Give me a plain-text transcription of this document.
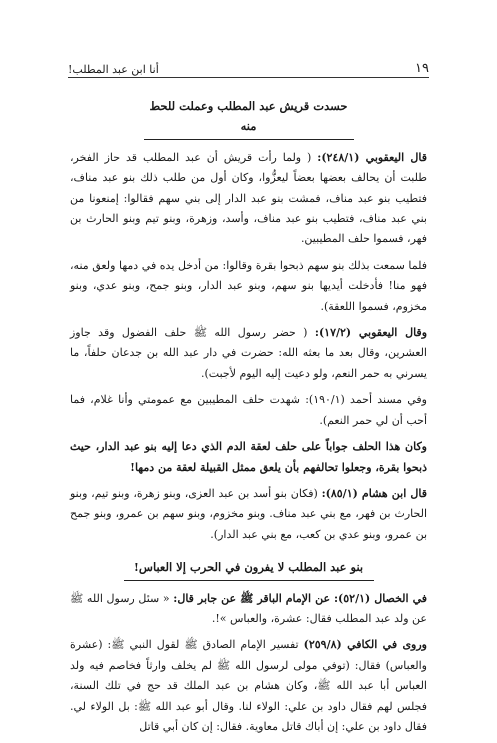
١٩
أنا ابن عبد المطلب!
حسدت قريش عبد المطلب وعملت للحط منه

قال اليعقوبي (٢٤٨/١): ( ولما رأت قريش أن عبد المطلب قد حاز الفخر، طلبت أن يحالف بعضها بعضاً ليعزُّوا، وكان أول من طلب ذلك بنو عبد مناف، فتطيب بنو عبد مناف، فمشت بنو عبد الدار إلى بني سهم فقالوا: إمنعونا من بني عبد مناف، فتطيب بنو عبد مناف، وأسد، وزهرة، وبنو تيم وبنو الحارث بن فهر، فسموا حلف المطيبين.

فلما سمعت بذلك بنو سهم ذبحوا بقرة وقالوا: من أدخل يده في دمها ولعق منه، فهو منا! فأدخلت أيديها بنو سهم، وبنو عبد الدار، وبنو جمح، وبنو عدي، وبنو مخزوم، فسموا اللعقة).

وقال اليعقوبي (١٧/٢): ( حضر رسول الله ﷺ حلف الفضول وقد جاوز العشرين، وقال بعد ما بعثه الله: حضرت في دار عبد الله بن جدعان حلفاً، ما يسرني به حمر النعم، ولو دعيت إليه اليوم لأجبت).

وفي مسند أحمد (١٩٠/١): شهدت حلف المطيبين مع عمومتي وأنا غلام، فما أحب أن لي حمر النعم).

وكان هذا الحلف جواباً على حلف لعقة الدم الذي دعا إليه بنو عبد الدار، حيث ذبحوا بقرة، وجعلوا تحالفهم بأن يلعق ممثل القبيلة لعقة من دمها!

قال ابن هشام (٨٥/١): (فكان بنو أسد بن عبد العزى، وبنو زهرة، وبنو تيم، وبنو الحارث بن فهر، مع بني عبد مناف. وبنو مخزوم، وبنو سهم بن عمرو، وبنو جمح بن عمرو، وبنو عدي بن كعب، مع بني عبد الدار).

بنو عبد المطلب لا يفرون في الحرب إلا العباس!

في الخصال (٥٢/١): عن الإمام الباقر ﷺ عن جابر قال: « سئل رسول الله ﷺ عن ولد عبد المطلب فقال: عشرة، والعباس »!.

وروى في الكافي (٢٥٩/٨) تفسير الإمام الصادق ﷺ لقول النبي ﷺ: (عشرة والعباس) فقال: (توفي مولى لرسول الله ﷺ لم يخلف وارثاً فخاصم فيه ولد العباس أبا عبد الله ﷺ، وكان هشام بن عبد الملك قد حج في تلك السنة، فجلس لهم فقال داود بن علي: الولاء لنا. وقال أبو عبد الله ﷺ: بل الولاء لي. فقال داود بن علي: إن أباك قاتل معاوية. فقال: إن كان أبي قاتل
